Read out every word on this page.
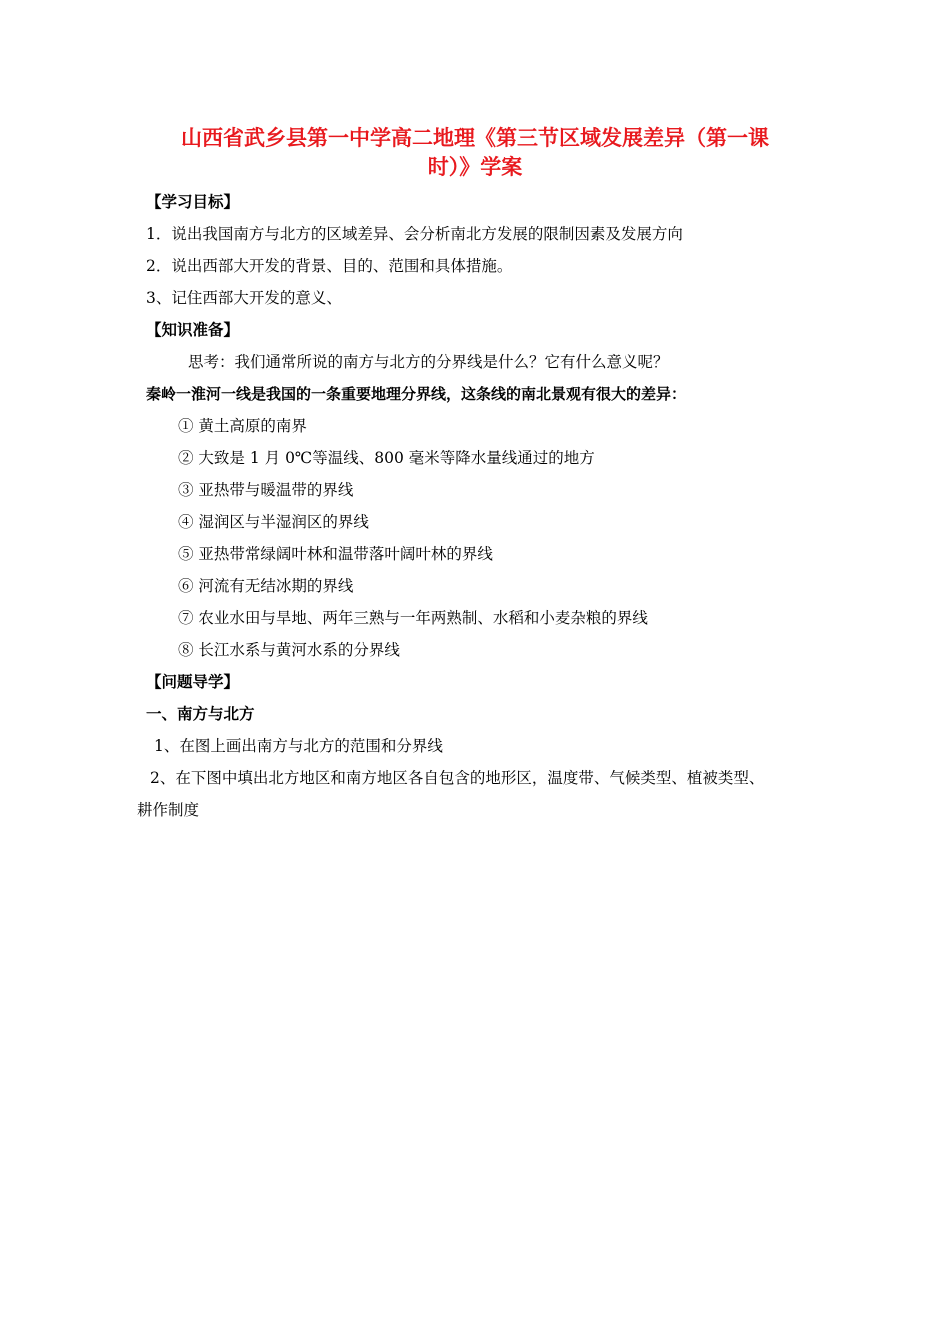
山西省武乡县第一中学高二地理《第三节区域发展差异（第一课
时）》学案
【学习目标】
1．说出我国南方与北方的区域差异、会分析南北方发展的限制因素及发展方向
2．说出西部大开发的背景、目的、范围和具体措施。
3、记住西部大开发的意义、
【知识准备】
思考：我们通常所说的南方与北方的分界线是什么？它有什么意义呢？
秦岭一淮河一线是我国的一条重要地理分界线，这条线的南北景观有很大的差异：
① 黄土高原的南界
② 大致是 1 月 0℃等温线、800 毫米等降水量线通过的地方
③ 亚热带与暖温带的界线
④ 湿润区与半湿润区的界线
⑤ 亚热带常绿阔叶林和温带落叶阔叶林的界线
⑥ 河流有无结冰期的界线
⑦ 农业水田与旱地、两年三熟与一年两熟制、水稻和小麦杂粮的界线
⑧ 长江水系与黄河水系的分界线
【问题导学】
一、南方与北方
1、在图上画出南方与北方的范围和分界线
2、在下图中填出北方地区和南方地区各自包含的地形区，温度带、气候类型、植被类型、
耕作制度
